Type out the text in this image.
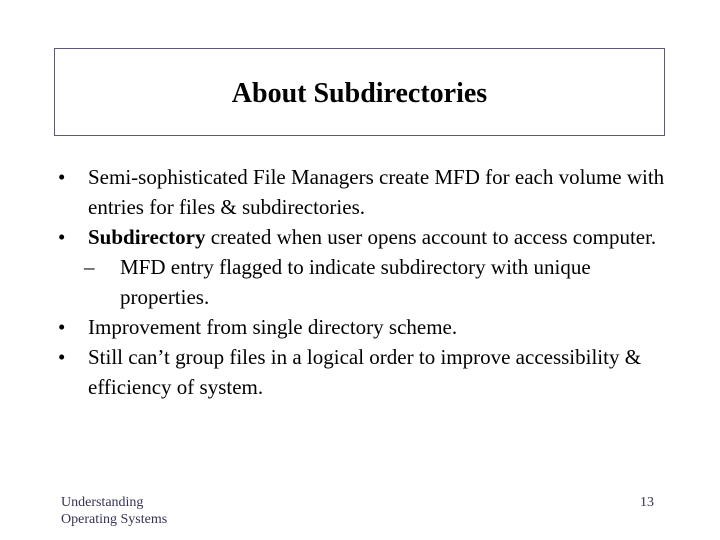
About Subdirectories

•	Semi-sophisticated File Managers create MFD for each volume with entries for files & subdirectories.

•	Subdirectory created when user opens account to access computer.

– MFD entry flagged to indicate subdirectory with unique properties.

•	Improvement from single directory scheme.

•	Still can’t group files in a logical order to improve accessibility & efficiency of system.

Understanding
Operating Systems
13
